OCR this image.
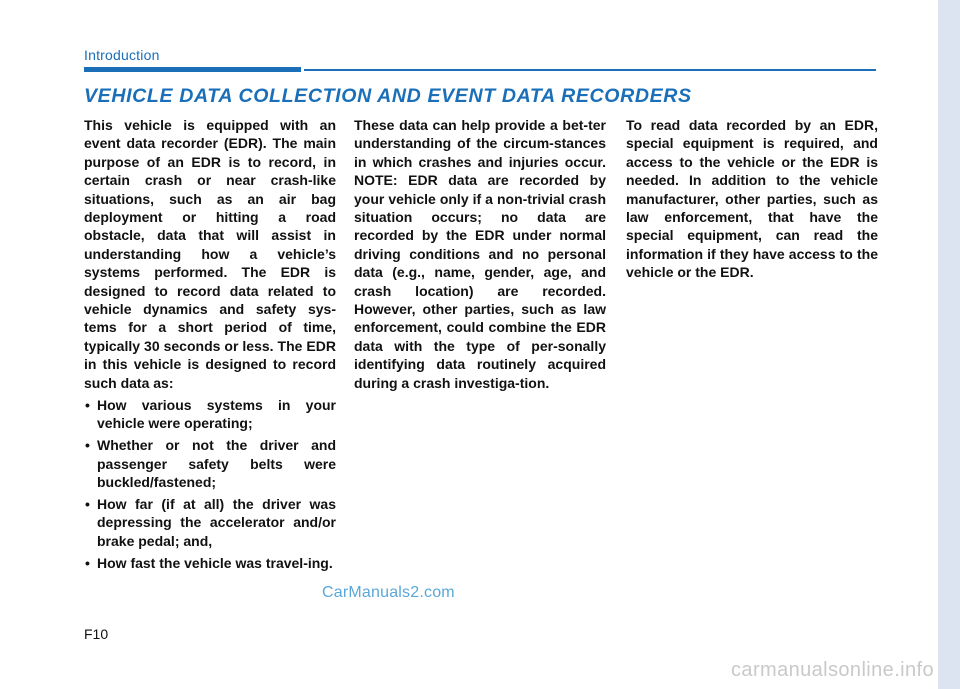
Introduction
VEHICLE DATA COLLECTION AND EVENT DATA RECORDERS

This vehicle is equipped with an event data recorder (EDR). The main purpose of an EDR is to record, in certain crash or near crash-like situations, such as an air bag deployment or hitting a road obstacle, data that will assist in understanding how a vehicle’s systems performed. The EDR is designed to record data related to vehicle dynamics and safety sys-tems for a short period of time, typically 30 seconds or less. The EDR in this vehicle is designed to record such data as:

• How various systems in your vehicle were operating;
• Whether or not the driver and passenger safety belts were buckled/fastened;
• How far (if at all) the driver was depressing the accelerator and/or brake pedal; and,
• How fast the vehicle was travel-ing.

These data can help provide a bet-ter understanding of the circum-stances in which crashes and injuries occur. NOTE: EDR data are recorded by your vehicle only if a non-trivial crash situation occurs; no data are recorded by the EDR under normal driving conditions and no personal data (e.g., name, gender, age, and crash location) are recorded. However, other parties, such as law enforcement, could combine the EDR data with the type of per-sonally identifying data routinely acquired during a crash investiga-tion.

To read data recorded by an EDR, special equipment is required, and access to the vehicle or the EDR is needed. In addition to the vehicle manufacturer, other parties, such as law enforcement, that have the special equipment, can read the information if they have access to the vehicle or the EDR.

CarManuals2.com
F10
carmanualsonline.info
